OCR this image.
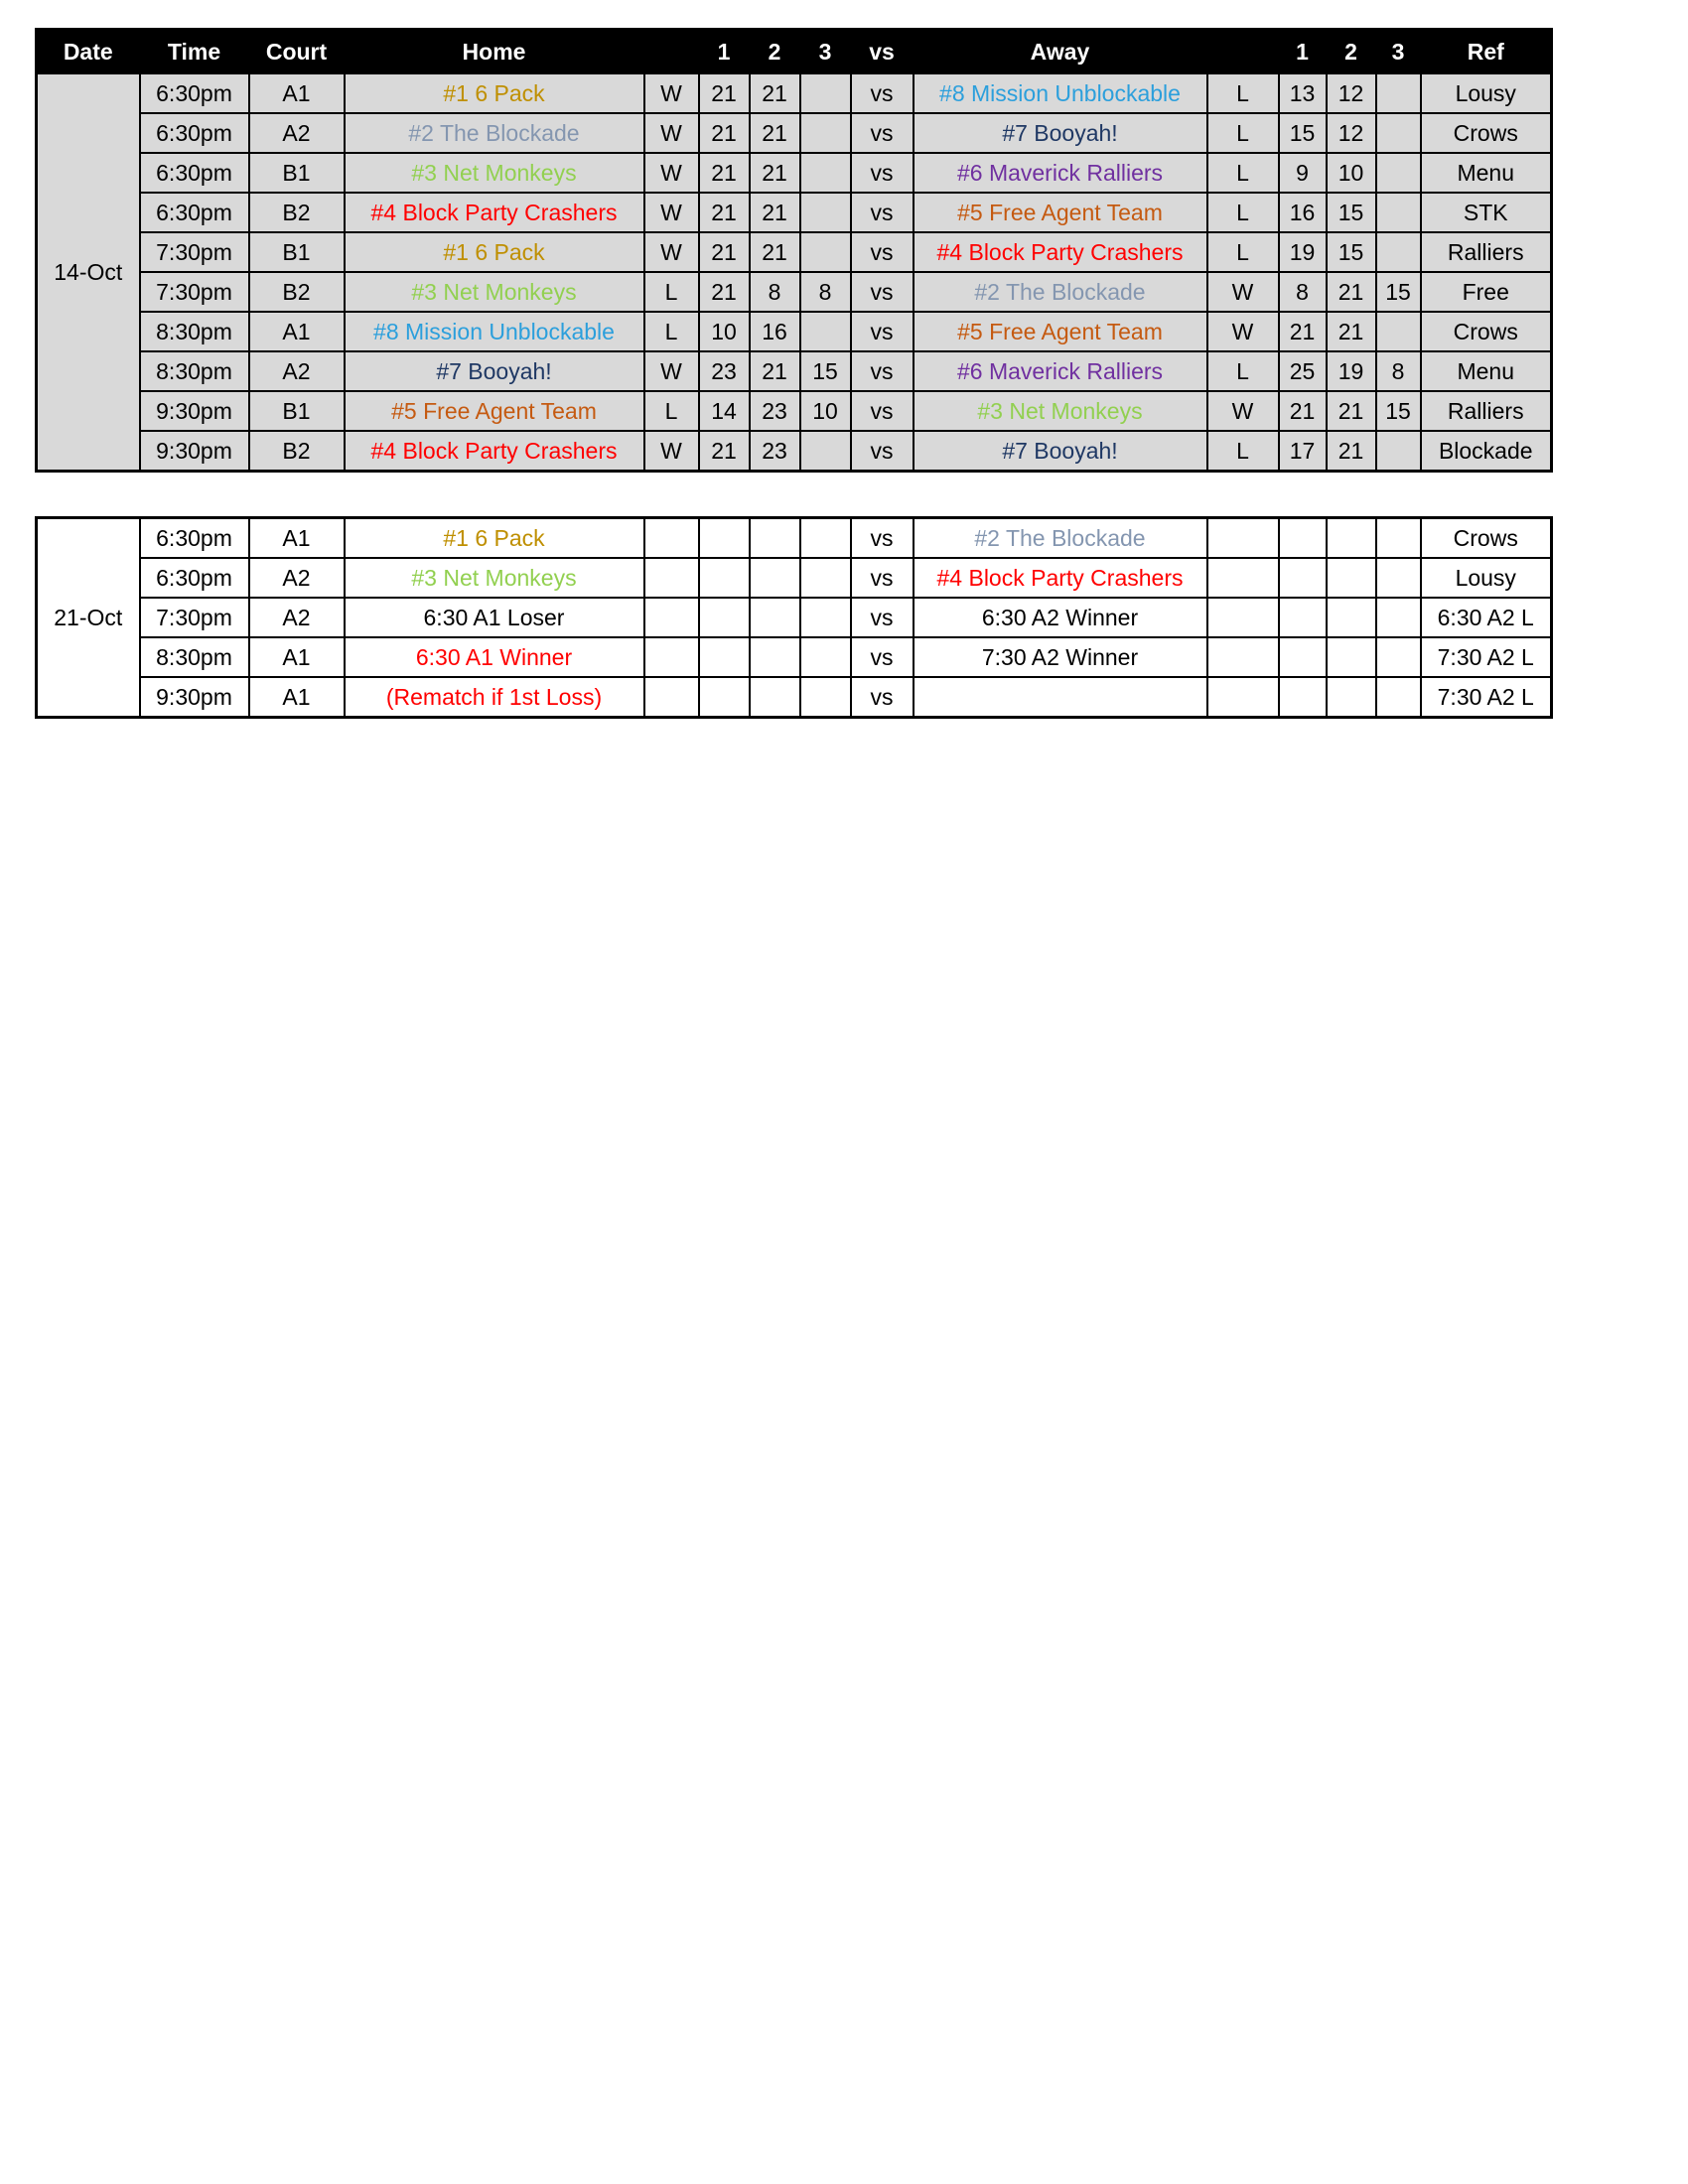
Date	Time	Court	Home		1	2	3	vs	Away		1	2	3	Ref
14-Oct	6:30pm	A1	#1 6 Pack	W	21	21		vs	#8 Mission Unblockable	L	13	12		Lousy
	6:30pm	A2	#2 The Blockade	W	21	21		vs	#7 Booyah!	L	15	12		Crows
	6:30pm	B1	#3 Net Monkeys	W	21	21		vs	#6 Maverick Ralliers	L	9	10		Menu
	6:30pm	B2	#4 Block Party Crashers	W	21	21		vs	#5 Free Agent Team	L	16	15		STK
	7:30pm	B1	#1 6 Pack	W	21	21		vs	#4 Block Party Crashers	L	19	15		Ralliers
	7:30pm	B2	#3 Net Monkeys	L	21	8	8	vs	#2 The Blockade	W	8	21	15	Free
	8:30pm	A1	#8 Mission Unblockable	L	10	16		vs	#5 Free Agent Team	W	21	21		Crows
	8:30pm	A2	#7 Booyah!	W	23	21	15	vs	#6 Maverick Ralliers	L	25	19	8	Menu
	9:30pm	B1	#5 Free Agent Team	L	14	23	10	vs	#3 Net Monkeys	W	21	21	15	Ralliers
	9:30pm	B2	#4 Block Party Crashers	W	21	23		vs	#7 Booyah!	L	17	21		Blockade
21-Oct	6:30pm	A1	#1 6 Pack					vs	#2 The Blockade					Crows
	6:30pm	A2	#3 Net Monkeys					vs	#4 Block Party Crashers					Lousy
	7:30pm	A2	6:30 A1 Loser					vs	6:30 A2 Winner					6:30 A2 L
	8:30pm	A1	6:30 A1 Winner					vs	7:30 A2 Winner					7:30 A2 L
	9:30pm	A1	(Rematch if 1st Loss)					vs						7:30 A2 L
